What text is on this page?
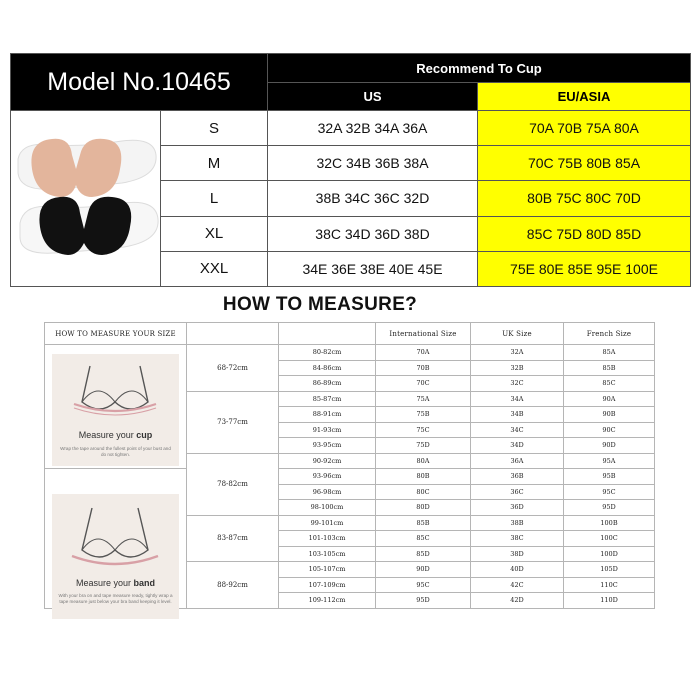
Model No.10465		Recommend To Cup	
		US	EU/ASIA
	S	32A 32B 34A 36A	70A 70B 75A 80A
	M	32C 34B 36B 38A	70C 75B 80B 85A
	L	38B 34C 36C 32D	80B 75C 80C 70D
	XL	38C 34D 36D 38D	85C 75D 80D 85D
	XXL	34E 36E 38E 40E 45E	75E 80E 85E 95E 100E
HOW TO MEASURE?
HOW TO MEASURE YOUR SIZE			International Size	UK Size	French Size
	68-72cm	80-82cm	70A	32A	85A
		84-86cm	70B	32B	85B
		86-89cm	70C	32C	85C
	73-77cm	85-87cm	75A	34A	90A
		88-91cm	75B	34B	90B
		91-93cm	75C	34C	90C
		93-95cm	75D	34D	90D
	78-82cm	90-92cm	80A	36A	95A
		93-96cm	80B	36B	95B
		96-98cm	80C	36C	95C
		98-100cm	80D	36D	95D
	83-87cm	99-101cm	85B	38B	100B
		101-103cm	85C	38C	100C
		103-105cm	85D	38D	100D
	88-92cm	105-107cm	90D	40D	105D
		107-109cm	95C	42C	110C
		109-112cm	95D	42D	110D
Measure your cup
Wrap the tape around the fullest point of your bust and do not tighten.
Measure your band
With your bra on and tape measure ready, tightly wrap a tape measure just below your bra band keeping it level.
